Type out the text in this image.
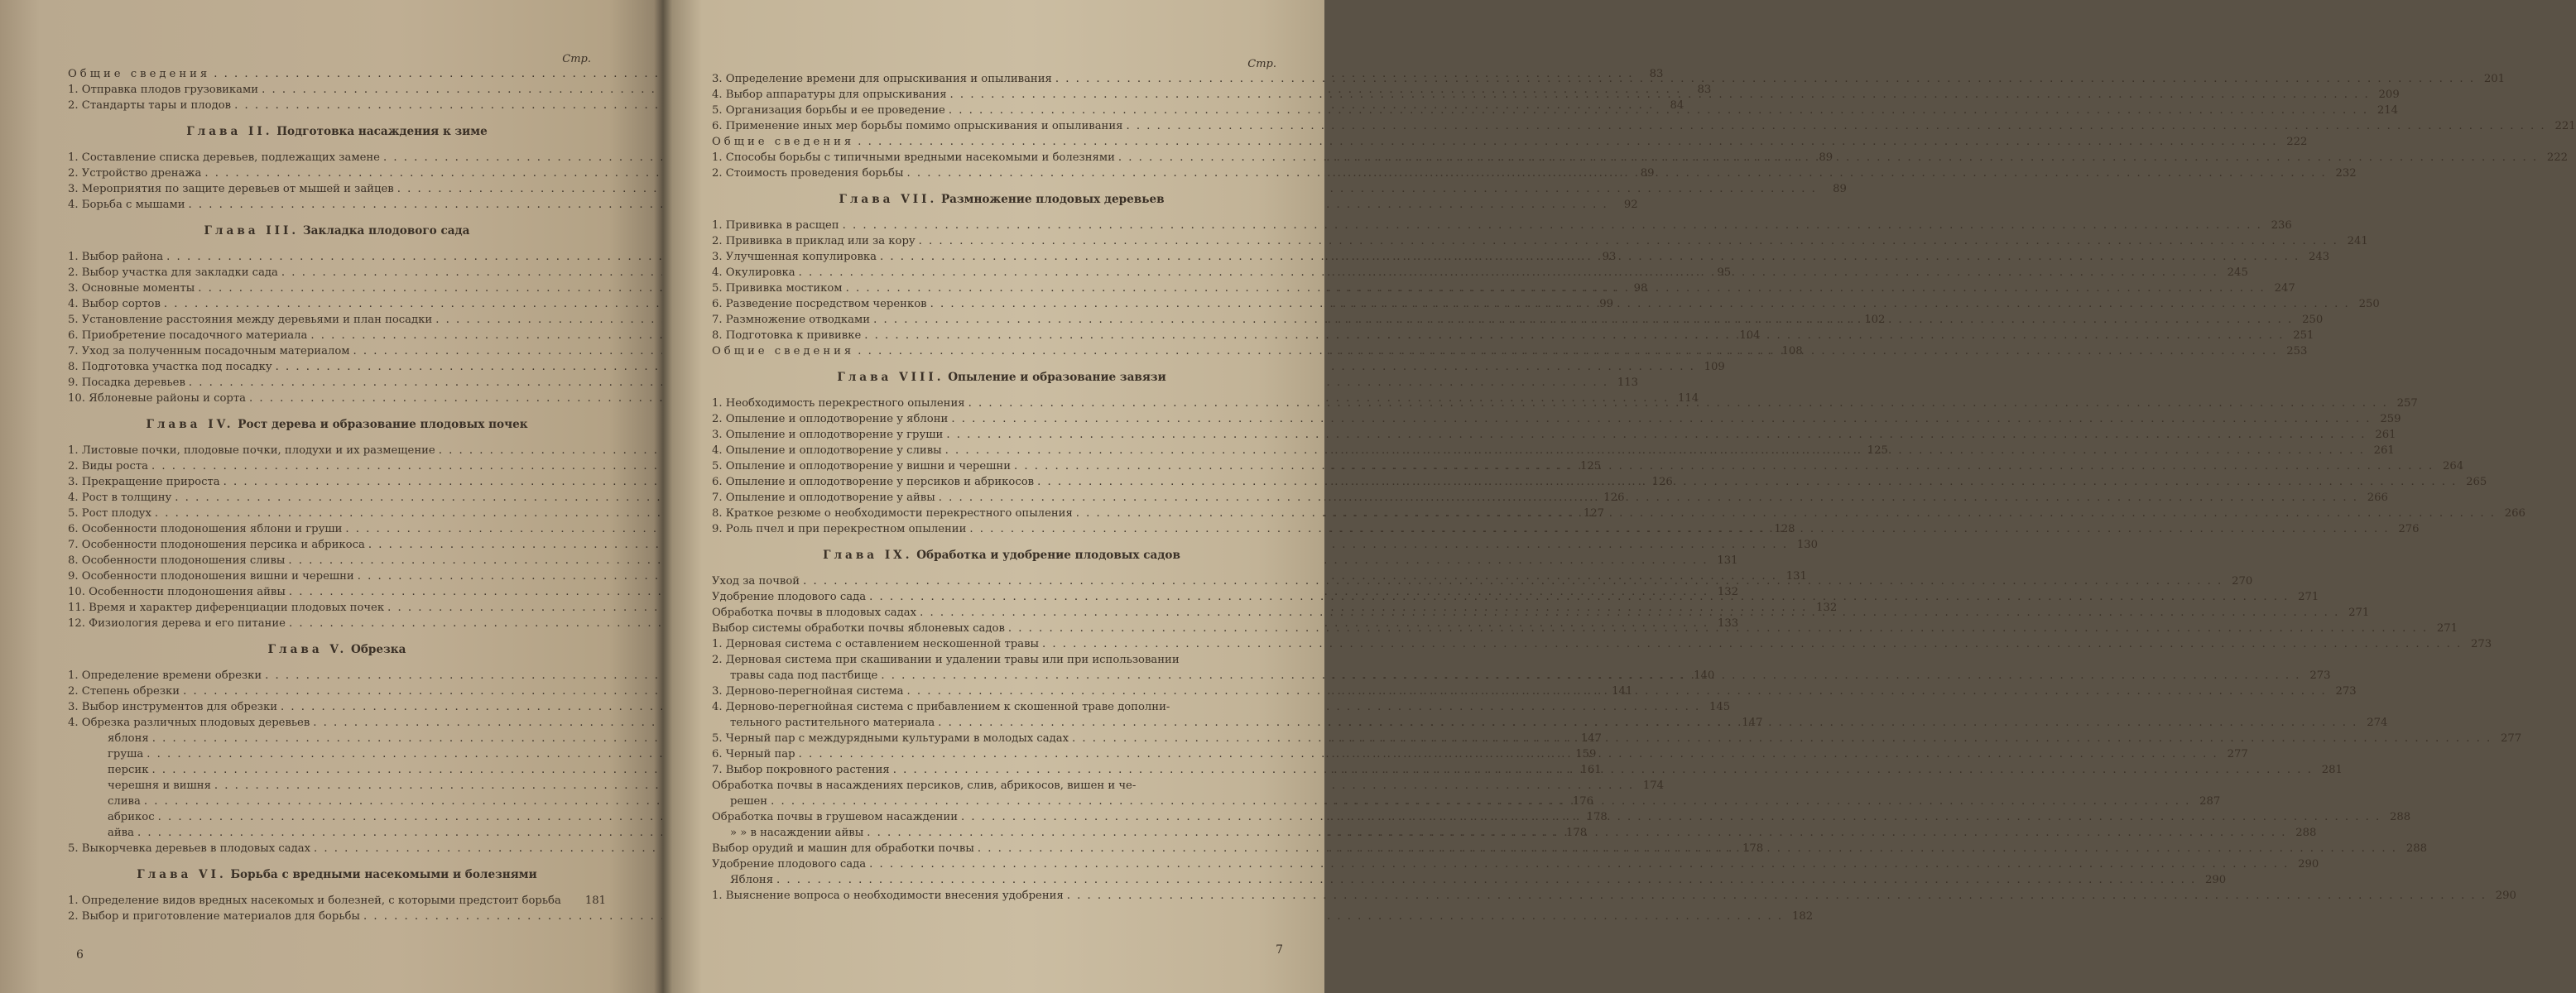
Стр.
Общие сведения . . .	83
1. Отправка плодов грузовиками . . .	83
2. Стандарты тары и плодов . . .	84
Глава II. Подготовка насаждения к зиме
1. Составление списка деревьев, подлежащих замене . . .	89
2. Устройство дренажа . . .	89
3. Мероприятия по защите деревьев от мышей и зайцев . . .	89
4. Борьба с мышами . . .	92
Глава III. Закладка плодового сада
1. Выбор района . . .	93
2. Выбор участка для закладки сада . . .	95
3. Основные моменты . . .	98
4. Выбор сортов . . .	99
5. Установление расстояния между деревьями и план посадки . . .	102
6. Приобретение посадочного материала . . .	104
7. Уход за полученным посадочным материалом . . .	108
8. Подготовка участка под посадку . . .	109
9. Посадка деревьев . . .	113
10. Яблоневые районы и сорта . . .	114
Глава IV. Рост дерева и образование плодовых почек
1. Листовые почки, плодовые почки, плодухи и их размещение . . .	125
2. Виды роста . . .	125
3. Прекращение прироста . . .	126
4. Рост в толщину . . .	126
5. Рост плодух . . .	127
6. Особенности плодоношения яблони и груши . . .	128
7. Особенности плодоношения персика и абрикоса . . .	130
8. Особенности плодоношения сливы . . .	131
9. Особенности плодоношения вишни и черешни . . .	131
10. Особенности плодоношения айвы . . .	132
11. Время и характер диференциации плодовых почек . . .	132
12. Физиология дерева и его питание . . .	133
Глава V. Обрезка
1. Определение времени обрезки . . .	140
2. Степень обрезки . . .	141
3. Выбор инструментов для обрезки . . .	145
4. Обрезка различных плодовых деревьев . . .	147
яблоня . . .	147
груша . . .	159
персик . . .	161
черешня и вишня . . .	174
слива . . .	176
абрикос . . .	178
айва . . .	178
5. Выкорчевка деревьев в плодовых садах . . .	178
Глава VI. Борьба с вредными насекомыми и болезнями
1. Определение видов вредных насекомых и болезней, с которыми предстоит борьба	181
2. Выбор и приготовление материалов для борьбы . . .	182
6
Стр.
3. Определение времени для опрыскивания и опыливания . . .	201
4. Выбор аппаратуры для опрыскивания . . .	209
5. Организация борьбы и ее проведение . . .	214
6. Применение иных мер борьбы помимо опрыскивания и опыливания . . .	221
Общие сведения . . .	222
1. Способы борьбы с типичными вредными насекомыми и болезнями . . .	222
2. Стоимость проведения борьбы . . .	232
Глава VII. Размножение плодовых деревьев
1. Прививка в расщеп . . .	236
2. Прививка в приклад или за кору . . .	241
3. Улучшенная копулировка . . .	243
4. Окулировка . . .	245
5. Прививка мостиком . . .	247
6. Разведение посредством черенков . . .	250
7. Размножение отводками . . .	250
8. Подготовка к прививке . . .	251
Общие сведения . . .	253
Глава VIII. Опыление и образование завязи
1. Необходимость перекрестного опыления . . .	257
2. Опыление и оплодотворение у яблони . . .	259
3. Опыление и оплодотворение у груши . . .	261
4. Опыление и оплодотворение у сливы . . .	261
5. Опыление и оплодотворение у вишни и черешни . . .	264
6. Опыление и оплодотворение у персиков и абрикосов . . .	265
7. Опыление и оплодотворение у айвы . . .	266
8. Краткое резюме о необходимости перекрестного опыления . . .	266
9. Роль пчел и при перекрестном опылении . . .	276
Глава IX. Обработка и удобрение плодовых садов
Уход за почвой . . .	270
Удобрение плодового сада . . .	271
Обработка почвы в плодовых садах . . .	271
Выбор системы обработки почвы яблоневых садов . . .	271
1. Дерновая система с оставлением нескошенной травы . . .	273
2. Дерновая система при скашивании и удалении травы или при использовании
травы сада под пастбище . . .	273
3. Дерново-перегнойная система . . .	273
4. Дерново-перегнойная система с прибавлением к скошенной траве дополни-
тельного растительного материала . . .	274
5. Черный пар с междурядными культурами в молодых садах . . .	277
6. Черный пар . . .	277
7. Выбор покровного растения . . .	281
Обработка почвы в насаждениях персиков, слив, абрикосов, вишен и че-
решен . . .	287
Обработка почвы в грушевом насаждении . . .	288
» » в насаждении айвы . . .	288
Выбор орудий и машин для обработки почвы . . .	288
Удобрение плодового сада . . .	290
Яблоня . . .	290
1. Выяснение вопроса о необходимости внесения удобрения . . .	290
7
